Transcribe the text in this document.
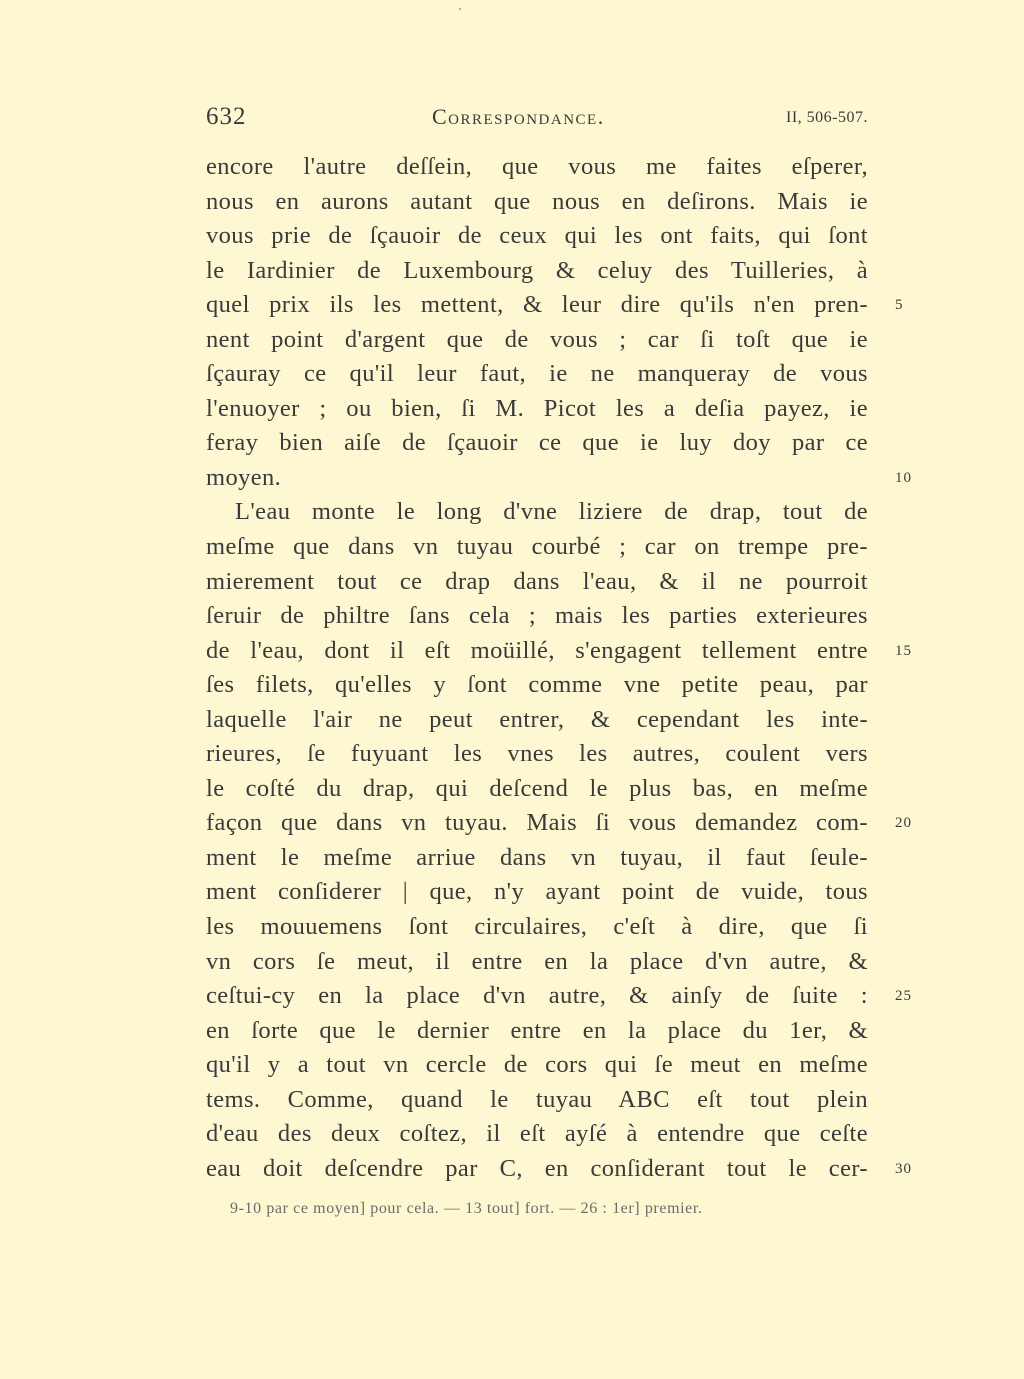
632	Correspondance.	II, 506-507.
encore l'autre deſſein, que vous me faites eſperer,
nous en aurons autant que nous en deſirons. Mais ie
vous prie de ſçauoir de ceux qui les ont faits, qui ſont
le Iardinier de Luxembourg & celuy des Tuilleries, à
quel prix ils les mettent, & leur dire qu'ils n'en pren- 5
nent point d'argent que de vous ; car ſi toſt que ie
ſçauray ce qu'il leur faut, ie ne manqueray de vous
l'enuoyer ; ou bien, ſi M. Picot les a deſia payez, ie
feray bien aiſe de ſçauoir ce que ie luy doy par ce
moyen.	10
L'eau monte le long d'vne liziere de drap, tout de
meſme que dans vn tuyau courbé ; car on trempe pre-
mierement tout ce drap dans l'eau, & il ne pourroit
ſeruir de philtre ſans cela ; mais les parties exterieures
de l'eau, dont il eſt moüillé, s'engagent tellement entre 15
ſes filets, qu'elles y ſont comme vne petite peau, par
laquelle l'air ne peut entrer, & cependant les inte-
rieures, ſe fuyuant les vnes les autres, coulent vers
le coſté du drap, qui deſcend le plus bas, en meſme
façon que dans vn tuyau. Mais ſi vous demandez com- 20
ment le meſme arriue dans vn tuyau, il faut ſeule-
ment conſiderer | que, n'y ayant point de vuide, tous
les mouuemens ſont circulaires, c'eſt à dire, que ſi
vn cors ſe meut, il entre en la place d'vn autre, &
ceſtui-cy en la place d'vn autre, & ainſy de ſuite : 25
en ſorte que le dernier entre en la place du 1er, &
qu'il y a tout vn cercle de cors qui ſe meut en meſme
tems. Comme, quand le tuyau ABC eſt tout plein
d'eau des deux coſtez, il eſt ayſé à entendre que ceſte
eau doit deſcendre par C, en conſiderant tout le cer- 30
9-10 par ce moyen] pour cela. — 13 tout] fort. — 26 : 1er] premier.
